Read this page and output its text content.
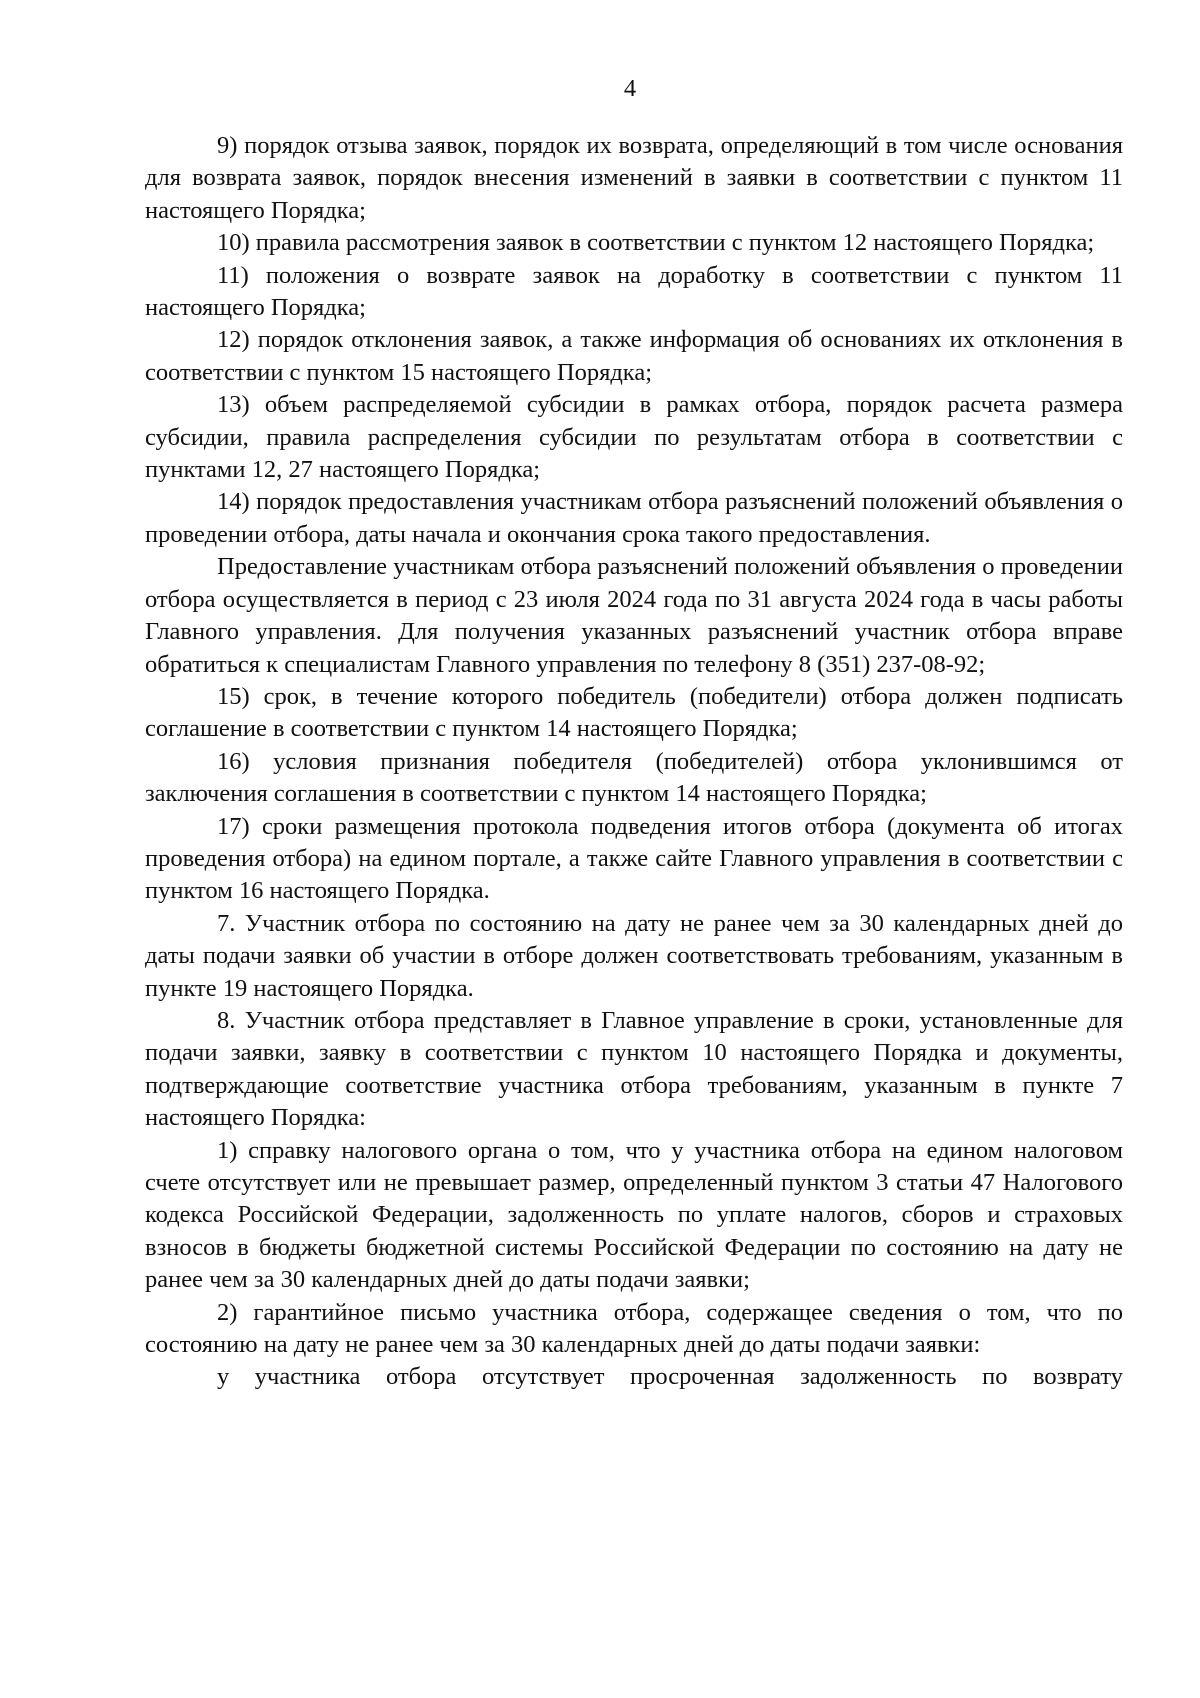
4

9) порядок отзыва заявок, порядок их возврата, определяющий в том числе основания для возврата заявок, порядок внесения изменений в заявки в соответствии с пунктом 11 настоящего Порядка;

10) правила рассмотрения заявок в соответствии с пунктом 12 настоящего Порядка;

11) положения о возврате заявок на доработку в соответствии с пунктом 11 настоящего Порядка;

12) порядок отклонения заявок, а также информация об основаниях их отклонения в соответствии с пунктом 15 настоящего Порядка;

13) объем распределяемой субсидии в рамках отбора, порядок расчета размера субсидии, правила распределения субсидии по результатам отбора в соответствии с пунктами 12, 27 настоящего Порядка;

14) порядок предоставления участникам отбора разъяснений положений объявления о проведении отбора, даты начала и окончания срока такого предоставления.

Предоставление участникам отбора разъяснений положений объявления о проведении отбора осуществляется в период с 23 июля 2024 года по 31 августа 2024 года в часы работы Главного управления. Для получения указанных разъяснений участник отбора вправе обратиться к специалистам Главного управления по телефону 8 (351) 237-08-92;

15) срок, в течение которого победитель (победители) отбора должен подписать соглашение в соответствии с пунктом 14 настоящего Порядка;

16) условия признания победителя (победителей) отбора уклонившимся от заключения соглашения в соответствии с пунктом 14 настоящего Порядка;

17) сроки размещения протокола подведения итогов отбора (документа об итогах проведения отбора) на едином портале, а также сайте Главного управления в соответствии с пунктом 16 настоящего Порядка.

7. Участник отбора по состоянию на дату не ранее чем за 30 календарных дней до даты подачи заявки об участии в отборе должен соответствовать требованиям, указанным в пункте 19 настоящего Порядка.

8. Участник отбора представляет в Главное управление в сроки, установленные для подачи заявки, заявку в соответствии с пунктом 10 настоящего Порядка и документы, подтверждающие соответствие участника отбора требованиям, указанным в пункте 7 настоящего Порядка:

1) справку налогового органа о том, что у участника отбора на едином налоговом счете отсутствует или не превышает размер, определенный пунктом 3 статьи 47 Налогового кодекса Российской Федерации, задолженность по уплате налогов, сборов и страховых взносов в бюджеты бюджетной системы Российской Федерации по состоянию на дату не ранее чем за 30 календарных дней до даты подачи заявки;

2) гарантийное письмо участника отбора, содержащее сведения о том, что по состоянию на дату не ранее чем за 30 календарных дней до даты подачи заявки:

у участника отбора отсутствует просроченная задолженность по возврату
